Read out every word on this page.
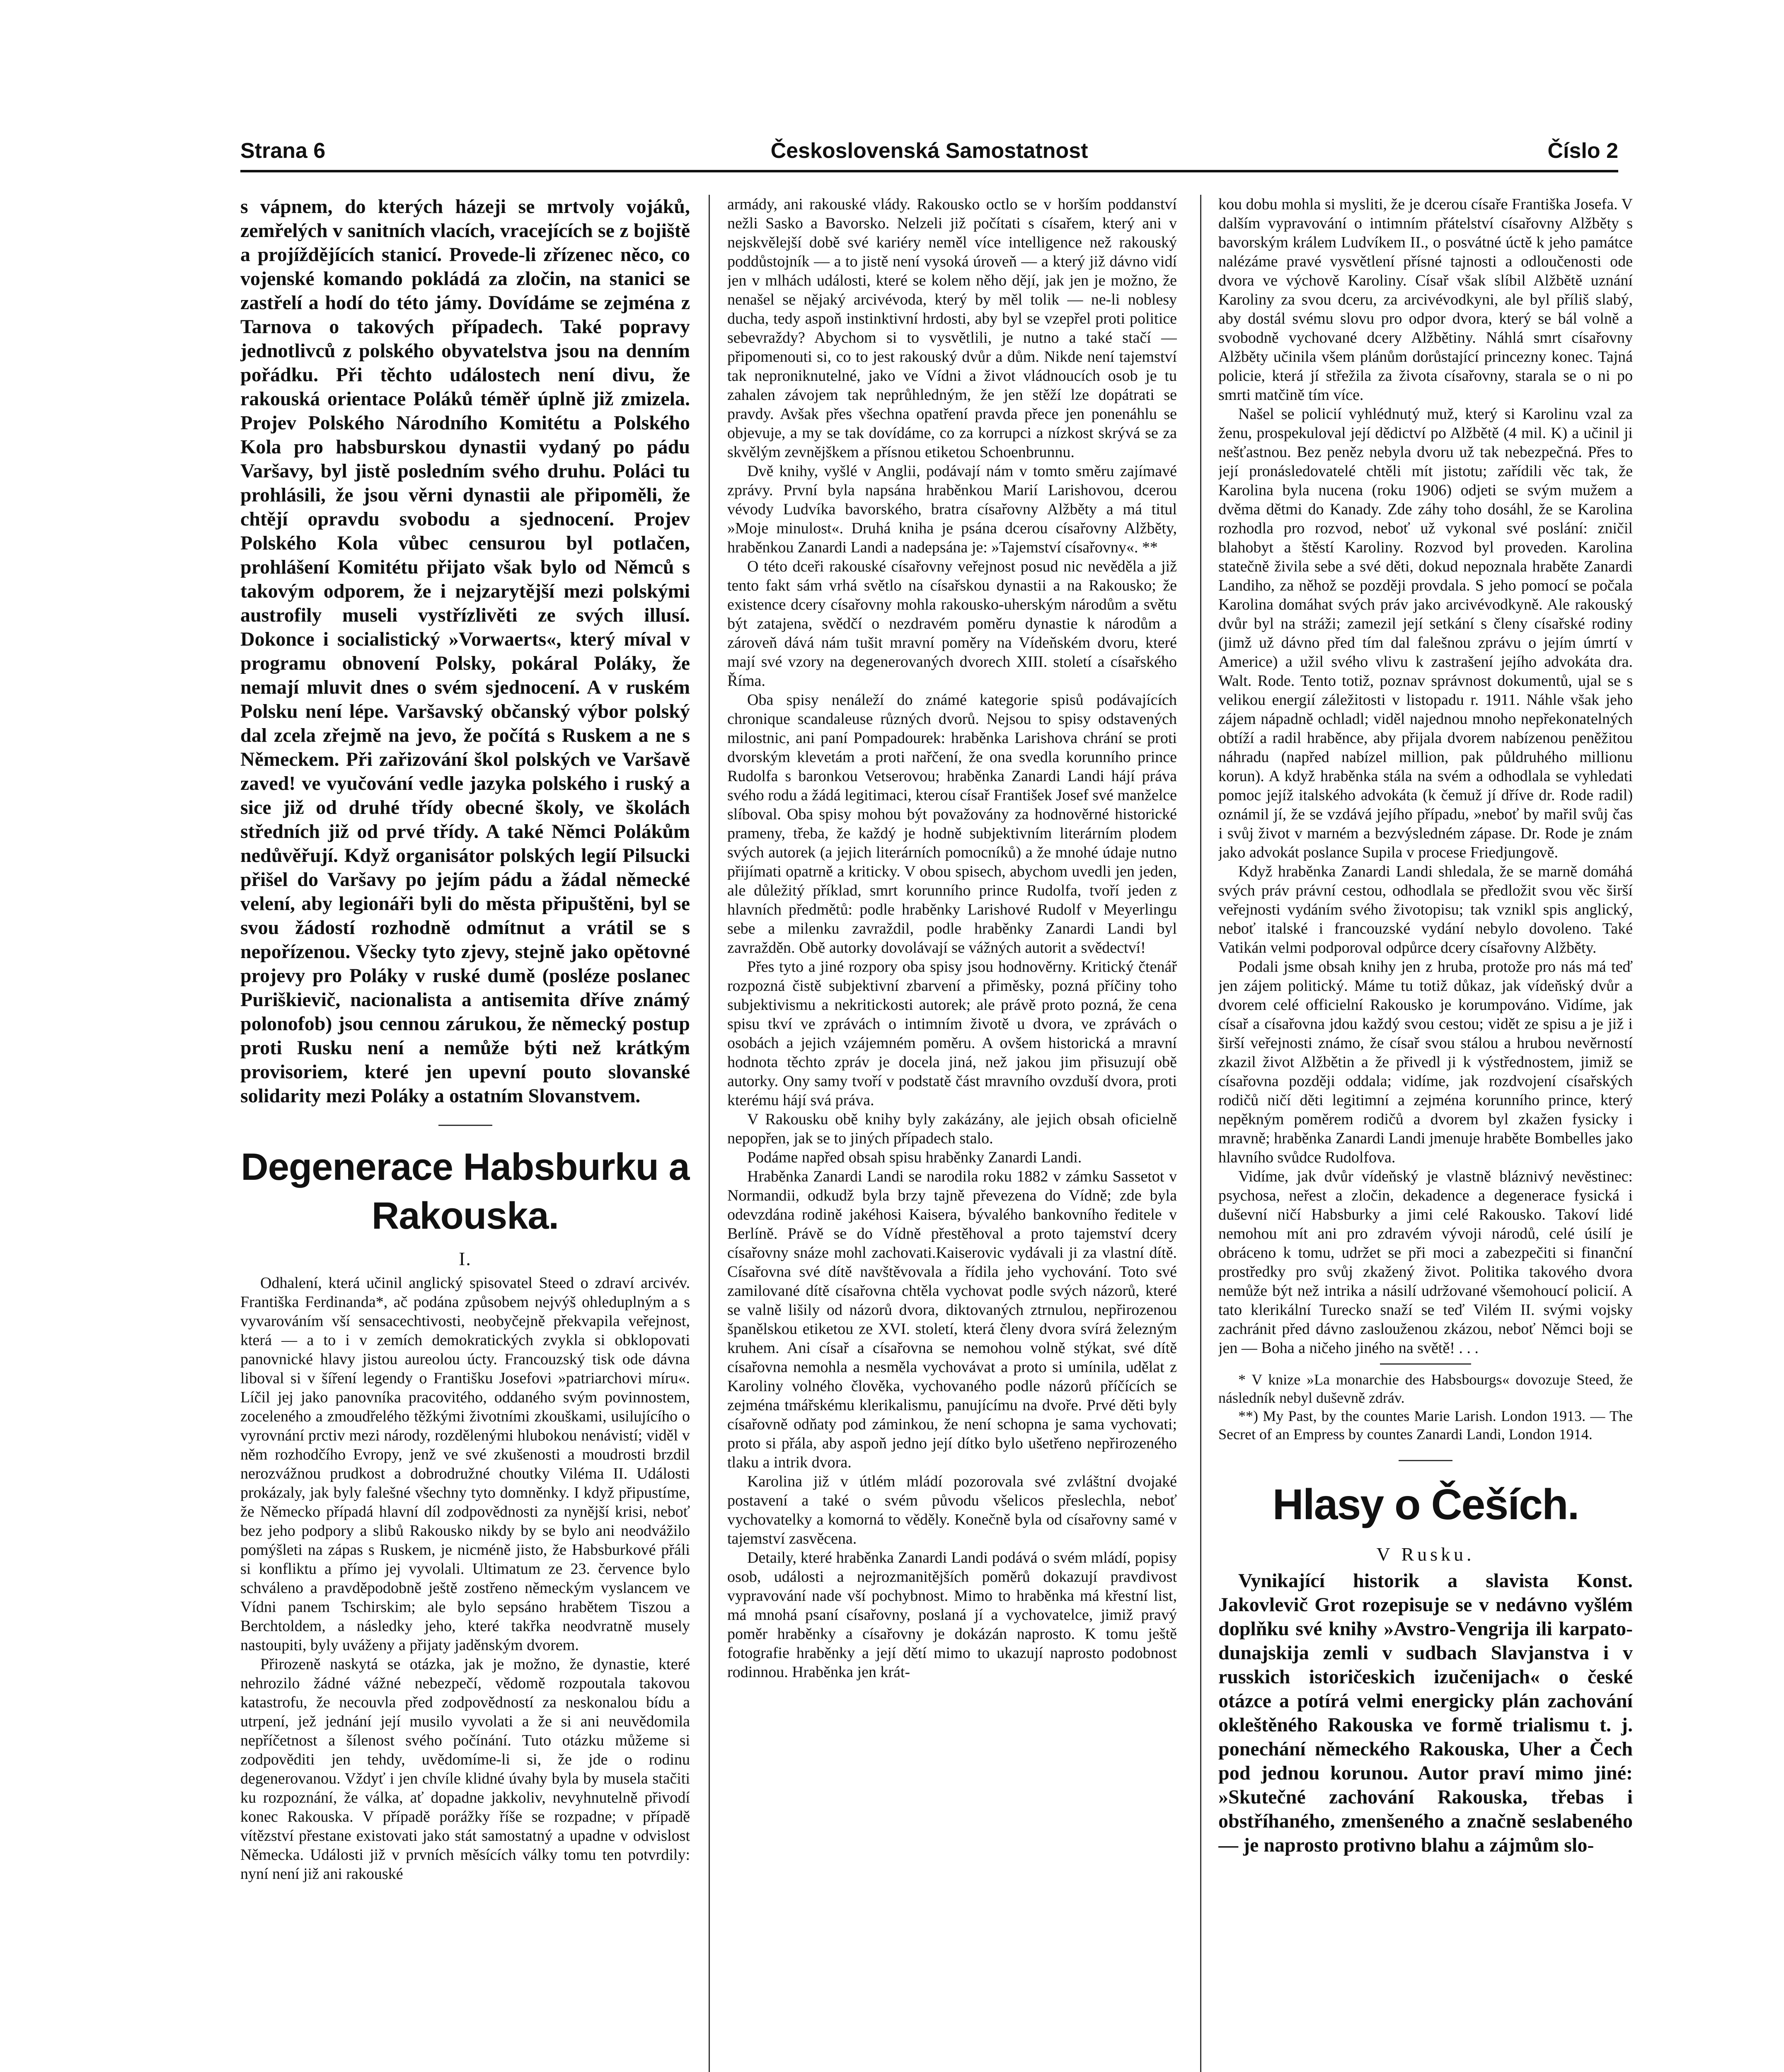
Strana 6	Československá Samostatnost	Číslo 2

s vápnem, do kterých házeji se mrtvoly vojáků, zemřelých v sanitních vlacích, vracejících se z bojiště a projíždějících stanicí. Provede-li zřízenec něco, co vojenské komando pokládá za zločin, na stanici se zastřelí a hodí do této jámy. Dovídáme se zejména z Tarnova o takových případech. Také popravy jednotlivců z polského obyvatelstva jsou na denním pořádku. Při těchto událostech není divu, že rakouská orientace Poláků téměř úplně již zmizela. Projev Polského Národního Komitétu a Polského Kola pro habsburskou dynastii vydaný po pádu Varšavy, byl jistě posledním svého druhu. Poláci tu prohlásili, že jsou věrni dynastii ale připoměli, že chtějí opravdu svobodu a sjednocení. Projev Polského Kola vůbec censurou byl potlačen, prohlášení Komitétu přijato však bylo od Němců s takovým odporem, že i nejzarytější mezi polskými austrofily museli vystřízlivěti ze svých illusí. Dokonce i socialistický »Vorwaerts«, který míval v programu obnovení Polsky, pokáral Poláky, že nemají mluvit dnes o svém sjednocení. A v ruském Polsku není lépe. Varšavský občanský výbor polský dal zcela zřejmě na jevo, že počítá s Ruskem a ne s Německem. Při zařizování škol polských ve Varšavě zaved! ve vyučování vedle jazyka polského i ruský a sice již od druhé třídy obecné školy, ve školách středních již od prvé třídy. A také Němci Polákům nedůvěřují. Když organisátor polských legií Pilsucki přišel do Varšavy po jejím pádu a žádal německé velení, aby legionáři byli do města připuštěni, byl se svou žádostí rozhodně odmítnut a vrátil se s nepořízenou. Všecky tyto zjevy, stejně jako opětovné projevy pro Poláky v ruské dumě (posléze poslanec Puriškievič, nacionalista a antisemita dříve známý polonofob) jsou cennou zárukou, že německý postup proti Rusku není a nemůže býti než krátkým provisoriem, které jen upevní pouto slovanské solidarity mezi Poláky a ostatním Slovanstvem.

Degenerace Habsburku a Rakouska.
I.

Odhalení, která učinil anglický spisovatel Steed o zdraví arcivév. Františka Ferdinanda*, ač podána způsobem nejvýš ohleduplným a s vyvarováním vší sensacechtivosti, neobyčejně překvapila veřejnost, která — a to i v zemích demokratických zvykla si obklopovati panovnické hlavy jistou aureolou úcty. Francouzský tisk ode dávna liboval si v šíření legendy o Františku Josefovi »patriarchovi míru«. Líčil jej jako panovníka pracovitého, oddaného svým povinnostem, zoceleného a zmoudřelého těžkými životními zkouškami, usilujícího o vyrovnání prctiv mezi národy, rozdělenými hlubokou nenávistí; viděl v něm rozhodčího Evropy, jenž ve své zkušenosti a moudrosti brzdil nerozvážnou prudkost a dobrodružné choutky Viléma II. Události prokázaly, jak byly falešné všechny tyto domněnky. I když připustíme, že Německo případá hlavní díl zodpovědnosti za nynější krisi, neboť bez jeho podpory a slibů Rakousko nikdy by se bylo ani neodvážilo pomýšleti na zápas s Ruskem, je nicméně jisto, že Habsburkové přáli si konfliktu a přímo jej vyvolali. Ultimatum ze 23. července bylo schváleno a pravděpodobně ještě zostřeno německým vyslancem ve Vídni panem Tschirskim; ale bylo sepsáno hrabětem Tiszou a Berchtoldem, a následky jeho, které takřka neodvratně musely nastoupiti, byly uváženy a přijaty jaděnským dvorem.

Přirozeně naskytá se otázka, jak je možno, že dynastie, které nehrozilo žádné vážné nebezpečí, vědomě rozpoutala takovou katastrofu, že necouvla před zodpovědností za neskonalou bídu a utrpení, jež jednání její musilo vyvolati a že si ani neuvědomila nepříčetnost a šílenost svého počínání. Tuto otázku můžeme si zodpověditi jen tehdy, uvědomíme-li si, že jde o rodinu degenerovanou. Vždyť i jen chvíle klidné úvahy byla by musela stačiti ku rozpoznání, že válka, ať dopadne jakkoliv, nevyhnutelně přivodí konec Rakouska. V případě porážky říše se rozpadne; v případě vítězství přestane existovati jako stát samostatný a upadne v odvislost Německa. Události již v prvních měsících války tomu ten potvrdily: nyní není již ani rakouské

armády, ani rakouské vlády. Rakousko octlo se v horším poddanství nežli Sasko a Bavorsko. Nelzeli již počítati s císařem, který ani v nejskvělejší době své kariéry neměl více intelligence než rakouský poddůstojník — a to jistě není vysoká úroveň — a který již dávno vidí jen v mlhách události, které se kolem něho dějí, jak jen je možno, že nenašel se nějaký arcivévoda, který by měl tolik — ne-li noblesy ducha, tedy aspoň instinktivní hrdosti, aby byl se vzepřel proti politice sebevraždy? Abychom si to vysvětlili, je nutno a také stačí — připomenouti si, co to jest rakouský dvůr a dům. Nikde není tajemství tak neproniknutelné, jako ve Vídni a život vládnoucích osob je tu zahalen závojem tak neprůhledným, že jen stěží lze dopátrati se pravdy. Avšak přes všechna opatření pravda přece jen ponenáhlu se objevuje, a my se tak dovídáme, co za korrupci a nízkost skrývá se za skvělým zevnějškem a přísnou etiketou Schoenbrunnu.

Dvě knihy, vyšlé v Anglii, podávají nám v tomto směru zajímavé zprávy. První byla napsána hraběnkou Marií Larishovou, dcerou vévody Ludvíka bavorského, bratra císařovny Alžběty a má titul »Moje minulost«. Druhá kniha je psána dcerou císařovny Alžběty, hraběnkou Zanardi Landi a nadepsána je: »Tajemství císařovny«. **

O této dceři rakouské císařovny veřejnost posud nic nevěděla a již tento fakt sám vrhá světlo na císařskou dynastii a na Rakousko; že existence dcery císařovny mohla rakousko-uherským národům a světu být zatajena, svědčí o nezdravém poměru dynastie k národům a zároveň dává nám tušit mravní poměry na Vídeňském dvoru, které mají své vzory na degenerovaných dvorech XIII. století a císařského Říma.

Oba spisy nenáleží do známé kategorie spisů podávajících chronique scandaleuse různých dvorů. Nejsou to spisy odstavených milostnic, ani paní Pompadourek: hraběnka Larishova chrání se proti dvorským klevetám a proti nařčení, že ona svedla korunního prince Rudolfa s baronkou Vetserovou; hraběnka Zanardi Landi hájí práva svého rodu a žádá legitimaci, kterou císař František Josef své manželce slíboval. Oba spisy mohou být považovány za hodnověrné historické prameny, třeba, že každý je hodně subjektivním literárním plodem svých autorek (a jejich literárních pomocníků) a že mnohé údaje nutno přijímati opatrně a kriticky. V obou spisech, abychom uvedli jen jeden, ale důležitý příklad, smrt korunního prince Rudolfa, tvoří jeden z hlavních předmětů: podle hraběnky Larishové Rudolf v Meyerlingu sebe a milenku zavraždil, podle hraběnky Zanardi Landi byl zavražděn. Obě autorky dovolávají se vážných autorit a svědectví!

Přes tyto a jiné rozpory oba spisy jsou hodnověrny. Kritický čtenář rozpozná čistě subjektivní zbarvení a přiměsky, pozná příčiny toho subjektivismu a nekritickosti autorek; ale právě proto pozná, že cena spisu tkví ve zprávách o intimním životě u dvora, ve zprávách o osobách a jejich vzájemném poměru. A ovšem historická a mravní hodnota těchto zpráv je docela jiná, než jakou jim přisuzují obě autorky. Ony samy tvoří v podstatě část mravního ovzduší dvora, proti kterému hájí svá práva.

V Rakousku obě knihy byly zakázány, ale jejich obsah oficielně nepopřen, jak se to jiných případech stalo.

Podáme napřed obsah spisu hraběnky Zanardi Landi.

Hraběnka Zanardi Landi se narodila roku 1882 v zámku Sassetot v Normandii, odkudž byla brzy tajně převezena do Vídně; zde byla odevzdána rodině jakéhosi Kaisera, bývalého bankovního ředitele v Berlíně. Právě se do Vídně přestěhoval a proto tajemství dcery císařovny snáze mohl zachovati.Kaiserovic vydávali ji za vlastní dítě. Císařovna své dítě navštěvovala a řídila jeho vychování. Toto své zamilované dítě císařovna chtěla vychovat podle svých názorů, které se valně lišily od názorů dvora, diktovaných ztrnulou, nepřirozenou španělskou etiketou ze XVI. století, která členy dvora svírá železným kruhem. Ani císař a císařovna se nemohou volně stýkat, své dítě císařovna nemohla a nesměla vychovávat a proto si umínila, udělat z Karoliny volného člověka, vychovaného podle názorů příčících se zejména tmářskému klerikalismu, panujícímu na dvoře. Prvé děti byly císařovně odňaty pod záminkou, že není schopna je sama vychovati; proto si přála, aby aspoň jedno její dítko bylo ušetřeno nepřirozeného tlaku a intrik dvora.

Karolina již v útlém mládí pozorovala své zvláštní dvojaké postavení a také o svém původu všelicos přeslechla, neboť vychovatelky a komorná to věděly. Konečně byla od císařovny samé v tajemství zasvěcena.

Detaily, které hraběnka Zanardi Landi podává o svém mládí, popisy osob, události a nejrozmanitějších poměrů dokazují pravdivost vypravování nade vší pochybnost. Mimo to hraběnka má křestní list, má mnohá psaní císařovny, poslaná jí a vychovatelce, jimiž pravý poměr hraběnky a císařovny je dokázán naprosto. K tomu ještě fotografie hraběnky a její dětí mimo to ukazují naprosto podobnost rodinnou. Hraběnka jen krát-

kou dobu mohla si mysliti, že je dcerou císaře Františka Josefa. V dalším vypravování o intimním přátelství císařovny Alžběty s bavorským králem Ludvíkem II., o posvátné úctě k jeho památce nalézáme pravé vysvětlení přísné tajnosti a odloučenosti ode dvora ve výchově Karoliny. Císař však slíbil Alžbětě uznání Karoliny za svou dceru, za arcivévodkyni, ale byl příliš slabý, aby dostál svému slovu pro odpor dvora, který se bál volně a svobodně vychované dcery Alžbětiny. Náhlá smrt císařovny Alžběty učinila všem plánům dorůstající princezny konec. Tajná policie, která jí střežila za života císařovny, starala se o ni po smrti matčině tím více.

Našel se policií vyhlédnutý muž, který si Karolinu vzal za ženu, prospekuloval její dědictví po Alžbětě (4 mil. K) a učinil ji nešťastnou. Bez peněz nebyla dvoru už tak nebezpečná. Přes to její pronásledovatelé chtěli mít jistotu; zařídili věc tak, že Karolina byla nucena (roku 1906) odjeti se svým mužem a dvěma dětmi do Kanady. Zde záhy toho dosáhl, že se Karolina rozhodla pro rozvod, neboť už vykonal své poslání: zničil blahobyt a štěstí Karoliny. Rozvod byl proveden. Karolina statečně živila sebe a své děti, dokud nepoznala hraběte Zanardi Landiho, za něhož se později provdala. S jeho pomocí se počala Karolina domáhat svých práv jako arcivévodkyně. Ale rakouský dvůr byl na stráži; zamezil její setkání s členy císařské rodiny (jimž už dávno před tím dal falešnou zprávu o jejím úmrtí v Americe) a užil svého vlivu k zastrašení jejího advokáta dra. Walt. Rode. Tento totiž, poznav správnost dokumentů, ujal se s velikou energií záležitosti v listopadu r. 1911. Náhle však jeho zájem nápadně ochladl; viděl najednou mnoho nepřekonatelných obtíží a radil hraběnce, aby přijala dvorem nabízenou peněžitou náhradu (napřed nabízel million, pak půldruhého millionu korun). A když hraběnka stála na svém a odhodlala se vyhledati pomoc jejíž italského advokáta (k čemuž jí dříve dr. Rode radil) oznámil jí, že se vzdává jejího případu, »neboť by mařil svůj čas i svůj život v marném a bezvýsledném zápase. Dr. Rode je znám jako advokát poslance Supila v procese Friedjungově.

Když hraběnka Zanardi Landi shledala, že se marně domáhá svých práv právní cestou, odhodlala se předložit svou věc širší veřejnosti vydáním svého životopisu; tak vznikl spis anglický, neboť italské i francouzské vydání nebylo dovoleno. Také Vatikán velmi podporoval odpůrce dcery císařovny Alžběty.

Podali jsme obsah knihy jen z hruba, protože pro nás má teď jen zájem politický. Máme tu totiž důkaz, jak vídeňský dvůr a dvorem celé officielní Rakousko je korumpováno. Vidíme, jak císař a císařovna jdou každý svou cestou; vidět ze spisu a je již i širší veřejnosti známo, že císař svou stálou a hrubou nevěrností zkazil život Alžbětin a že přivedl ji k výstřednostem, jimiž se císařovna později oddala; vidíme, jak rozdvojení císařských rodičů ničí děti legitimní a zejména korunního prince, který nepěkným poměrem rodičů a dvorem byl zkažen fysicky i mravně; hraběnka Zanardi Landi jmenuje hraběte Bombelles jako hlavního svůdce Rudolfova.

Vidíme, jak dvůr vídeňský je vlastně bláznivý nevěstinec: psychosa, neřest a zločin, dekadence a degenerace fysická i duševní ničí Habsburky a jimi celé Rakousko. Takoví lidé nemohou mít ani pro zdravém vývoji národů, celé úsilí je obráceno k tomu, udržet se při moci a zabezpečiti si finanční prostředky pro svůj zkažený život. Politika takového dvora nemůže být než intrika a násilí udržované všemohoucí policií. A tato klerikální Turecko snaží se teď Vilém II. svými vojsky zachránit před dávno zaslouženou zkázou, neboť Němci boji se jen — Boha a ničeho jiného na světě! . . .

* V knize »La monarchie des Habsbourgs« dovozuje Steed, že následník nebyl duševně zdráv.

**) My Past, by the countes Marie Larish. London 1913. — The Secret of an Empress by countes Zanardi Landi, London 1914.

Hlasy o Češích.
V Rusku.

Vynikající historik a slavista Konst. Jakovlevič Grot rozepisuje se v nedávno vyšlém doplňku své knihy »Avstro-Vengrija ili karpato-dunajskija zemli v sudbach Slavjanstva i v russkich istoričeskich izučenijach« o české otázce a potírá velmi energicky plán zachování okleštěného Rakouska ve formě trialismu t. j. ponechání německého Rakouska, Uher a Čech pod jednou korunou. Autor praví mimo jiné: »Skutečné zachování Rakouska, třebas i obstříhaného, zmenšeného a značně seslabeného — je naprosto protivno blahu a zájmům slo-
